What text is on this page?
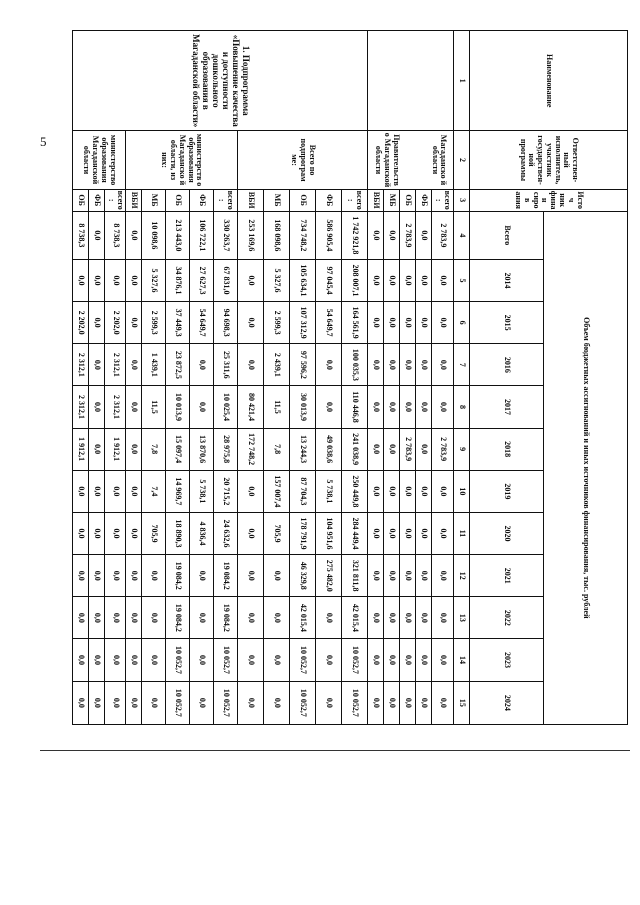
5
Наименование	Ответствен-ный исполнитель, участник государствен-ной программы	Источ ник финан сиров ания	Объем бюджетных ассигнований и иных источников финансирования, тыс. рублей											
			Всего	2014	2015	2016	2017	2018	2019	2020	2021	2022	2023	2024
1	2	3	4	5	6	7	8	9	10	11	12	13	14	15

	Магаданско й области
Правительств о Магаданской области	всего:	2 783,9	0,0	0,0	0,0	0,0	2 783,9	0,0	0,0	0,0	0,0	0,0	0,0
		ФБ	0,0	0,0	0,0	0,0	0,0	0,0	0,0	0,0	0,0	0,0	0,0	0,0
		ОБ	2 783,9	0,0	0,0	0,0	0,0	2 783,9	0,0	0,0	0,0	0,0	0,0	0,0
		МБ	0,0	0,0	0,0	0,0	0,0	0,0	0,0	0,0	0,0	0,0	0,0	0,0
		ВБИ	0,0	0,0	0,0	0,0	0,0	0,0	0,0	0,0	0,0	0,0	0,0	0,0
1. Подпрограмма «Повышение качества и доступности дошкольного образования в Магаданской области»	Всего по подпрограм ме:	всего:	1 742 921,8	208 007,1	164 561,9	100 035,3	110 446,8	241 038,9	250 449,8	284 449,4	321 811,8	42 015,4	10 052,7	10 052,7
		ФБ	586 905,4	97 045,4	54 649,7	0,0	0,0	49 038,6	5 738,1	104 951,6	275 482,0	0,0	0,0	0,0
		ОБ	734 748,2	105 634,1	107 312,9	97 596,2	30 013,9	13 244,3	87 704,3	178 791,9	46 329,8	42 015,4	10 052,7	10 052,7
		МБ	168 098,6	5 327,6	2 599,3	2 439,1	11,5	7,8	157 007,4	705,9	0,0	0,0	0,0	0,0
		ВБИ	253 169,6	0,0	0,0	0,0	80 421,4	172 748,2	0,0	0,0	0,0	0,0	0,0	0,0
	министерств о образования Магаданско й области, из них:	всего:	330 263,7	67 831,0	94 698,3	25 311,6	10 025,4	28 975,8	20 715,2	24 632,6	19 084,2	19 084,2	10 052,7	10 052,7
		ФБ	106 722,1	27 627,3	54 649,7	0,0	0,0	13 870,6	5 738,1	4 836,4	0,0	0,0	0,0	0,0
		ОБ	213 443,0	34 876,1	37 449,3	23 872,5	10 013,9	15 097,4	14 969,7	18 890,3	19 084,2	19 084,2	10 052,7	10 052,7
		МБ	10 098,6	5 327,6	2 599,3	1 439,1	11,5	7,8	7,4	705,9	0,0	0,0	0,0	0,0
		ВБИ	0,0	0,0	0,0	0,0	0,0	0,0	0,0	0,0	0,0	0,0	0,0	0,0
	министерство образования Магаданской области	всего:	8 738,3	0,0	2 202,0	2 312,1	2 312,1	1 912,1	0,0	0,0	0,0	0,0	0,0	0,0
		ФБ	0,0	0,0	0,0	0,0	0,0	0,0	0,0	0,0	0,0	0,0	0,0	0,0
		ОБ	8 738,3	0,0	2 202,0	2 312,1	2 312,1	1 912,1	0,0	0,0	0,0	0,0	0,0	0,0
